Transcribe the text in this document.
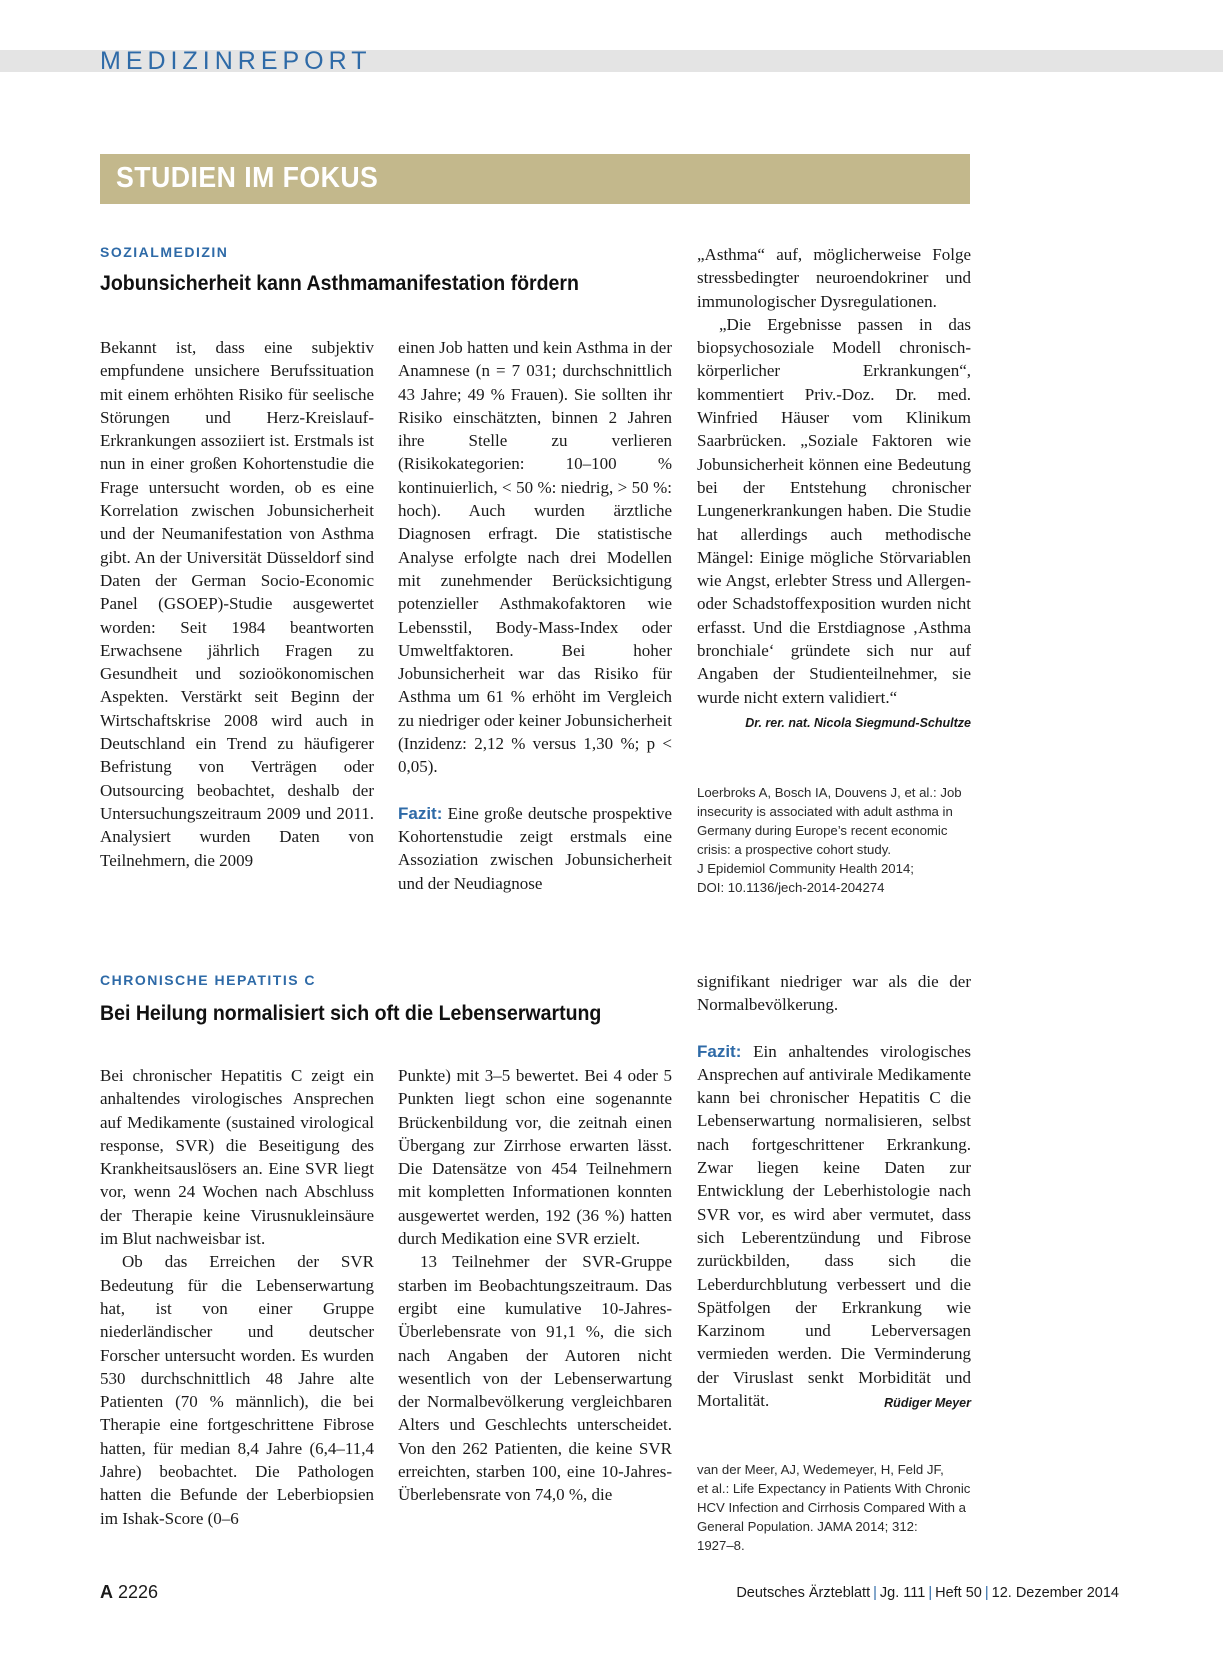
MEDIZINREPORT
STUDIEN IM FOKUS
SOZIALMEDIZIN
Jobunsicherheit kann Asthmamanifestation fördern

Bekannt ist, dass eine subjektiv empfundene unsichere Berufssituation mit einem erhöhten Risiko für seelische Störungen und Herz-Kreislauf-Erkrankungen assoziiert ist. Erstmals ist nun in einer großen Kohortenstudie die Frage untersucht worden, ob es eine Korrelation zwischen Jobunsicherheit und der Neumanifestation von Asthma gibt. An der Universität Düsseldorf sind Daten der German Socio-Economic Panel (GSOEP)-Studie ausgewertet worden: Seit 1984 beantworten Erwachsene jährlich Fragen zu Gesundheit und sozioökonomischen Aspekten. Verstärkt seit Beginn der Wirtschaftskrise 2008 wird auch in Deutschland ein Trend zu häufigerer Befristung von Verträgen oder Outsourcing beobachtet, deshalb der Untersuchungszeitraum 2009 und 2011. Analysiert wurden Daten von Teilnehmern, die 2009

einen Job hatten und kein Asthma in der Anamnese (n = 7 031; durchschnittlich 43 Jahre; 49 % Frauen). Sie sollten ihr Risiko einschätzten, binnen 2 Jahren ihre Stelle zu verlieren (Risikokategorien: 10–100 % kontinuierlich, < 50 %: niedrig, > 50 %: hoch). Auch wurden ärztliche Diagnosen erfragt. Die statistische Analyse erfolgte nach drei Modellen mit zunehmender Berücksichtigung potenzieller Asthmakofaktoren wie Lebensstil, Body-Mass-Index oder Umweltfaktoren. Bei hoher Jobunsicherheit war das Risiko für Asthma um 61 % erhöht im Vergleich zu niedriger oder keiner Jobunsicherheit (Inzidenz: 2,12 % versus 1,30 %; p < 0,05).

Fazit: Eine große deutsche prospektive Kohortenstudie zeigt erstmals eine Assoziation zwischen Jobunsicherheit und der Neudiagnose

„Asthma“ auf, möglicherweise Folge stressbedingter neuroendokriner und immunologischer Dysregulationen.

„Die Ergebnisse passen in das biopsychosoziale Modell chronisch-körperlicher Erkrankungen“, kommentiert Priv.-Doz. Dr. med. Winfried Häuser vom Klinikum Saarbrücken. „Soziale Faktoren wie Jobunsicherheit können eine Bedeutung bei der Entstehung chronischer Lungenerkrankungen haben. Die Studie hat allerdings auch methodische Mängel: Einige mögliche Störvariablen wie Angst, erlebter Stress und Allergen- oder Schadstoffexposition wurden nicht erfasst. Und die Erstdiagnose ‚Asthma bronchiale‘ gründete sich nur auf Angaben der Studienteilnehmer, sie wurde nicht extern validiert.“
Dr. rer. nat. Nicola Siegmund-Schultze

Loerbroks A, Bosch IA, Douvens J, et al.: Job

insecurity is associated with adult asthma in

Germany during Europe’s recent economic

crisis: a prospective cohort study.

J Epidemiol Community Health 2014;

DOI: 10.1136/jech-2014-204274

CHRONISCHE HEPATITIS C
Bei Heilung normalisiert sich oft die Lebenserwartung

Bei chronischer Hepatitis C zeigt ein anhaltendes virologisches Ansprechen auf Medikamente (sustained virological response, SVR) die Beseitigung des Krankheitsauslösers an. Eine SVR liegt vor, wenn 24 Wochen nach Abschluss der Therapie keine Virusnukleinsäure im Blut nachweisbar ist.

Ob das Erreichen der SVR Bedeutung für die Lebenserwartung hat, ist von einer Gruppe niederländischer und deutscher Forscher untersucht worden. Es wurden 530 durchschnittlich 48 Jahre alte Patienten (70 % männlich), die bei Therapie eine fortgeschrittene Fibrose hatten, für median 8,4 Jahre (6,4–11,4 Jahre) beobachtet. Die Pathologen hatten die Befunde der Leberbiopsien im Ishak-Score (0–6

Punkte) mit 3–5 bewertet. Bei 4 oder 5 Punkten liegt schon eine sogenannte Brückenbildung vor, die zeitnah einen Übergang zur Zirrhose erwarten lässt. Die Datensätze von 454 Teilnehmern mit kompletten Informationen konnten ausgewertet werden, 192 (36 %) hatten durch Medikation eine SVR erzielt.

13 Teilnehmer der SVR-Gruppe starben im Beobachtungszeitraum. Das ergibt eine kumulative 10-Jahres-Überlebensrate von 91,1 %, die sich nach Angaben der Autoren nicht wesentlich von der Lebenserwartung der Normalbevölkerung vergleichbaren Alters und Geschlechts unterscheidet. Von den 262 Patienten, die keine SVR erreichten, starben 100, eine 10-Jahres-Überlebensrate von 74,0 %, die

signifikant niedriger war als die der Normalbevölkerung.

Fazit: Ein anhaltendes virologisches Ansprechen auf antivirale Medikamente kann bei chronischer Hepatitis C die Lebenserwartung normalisieren, selbst nach fortgeschrittener Erkrankung. Zwar liegen keine Daten zur Entwicklung der Leberhistologie nach SVR vor, es wird aber vermutet, dass sich Leberentzündung und Fibrose zurückbilden, dass sich die Leberdurchblutung verbessert und die Spätfolgen der Erkrankung wie Karzinom und Leberversagen vermieden werden. Die Verminderung der Viruslast senkt Morbidität und Mortalität.	Rüdiger Meyer

van der Meer, AJ, Wedemeyer, H, Feld JF,

et al.: Life Expectancy in Patients With Chronic

HCV Infection and Cirrhosis Compared With a

General Population. JAMA 2014; 312:

1927–8.

A 2226	Deutsches Ärzteblatt | Jg. 111 | Heft 50 | 12. Dezember 2014
